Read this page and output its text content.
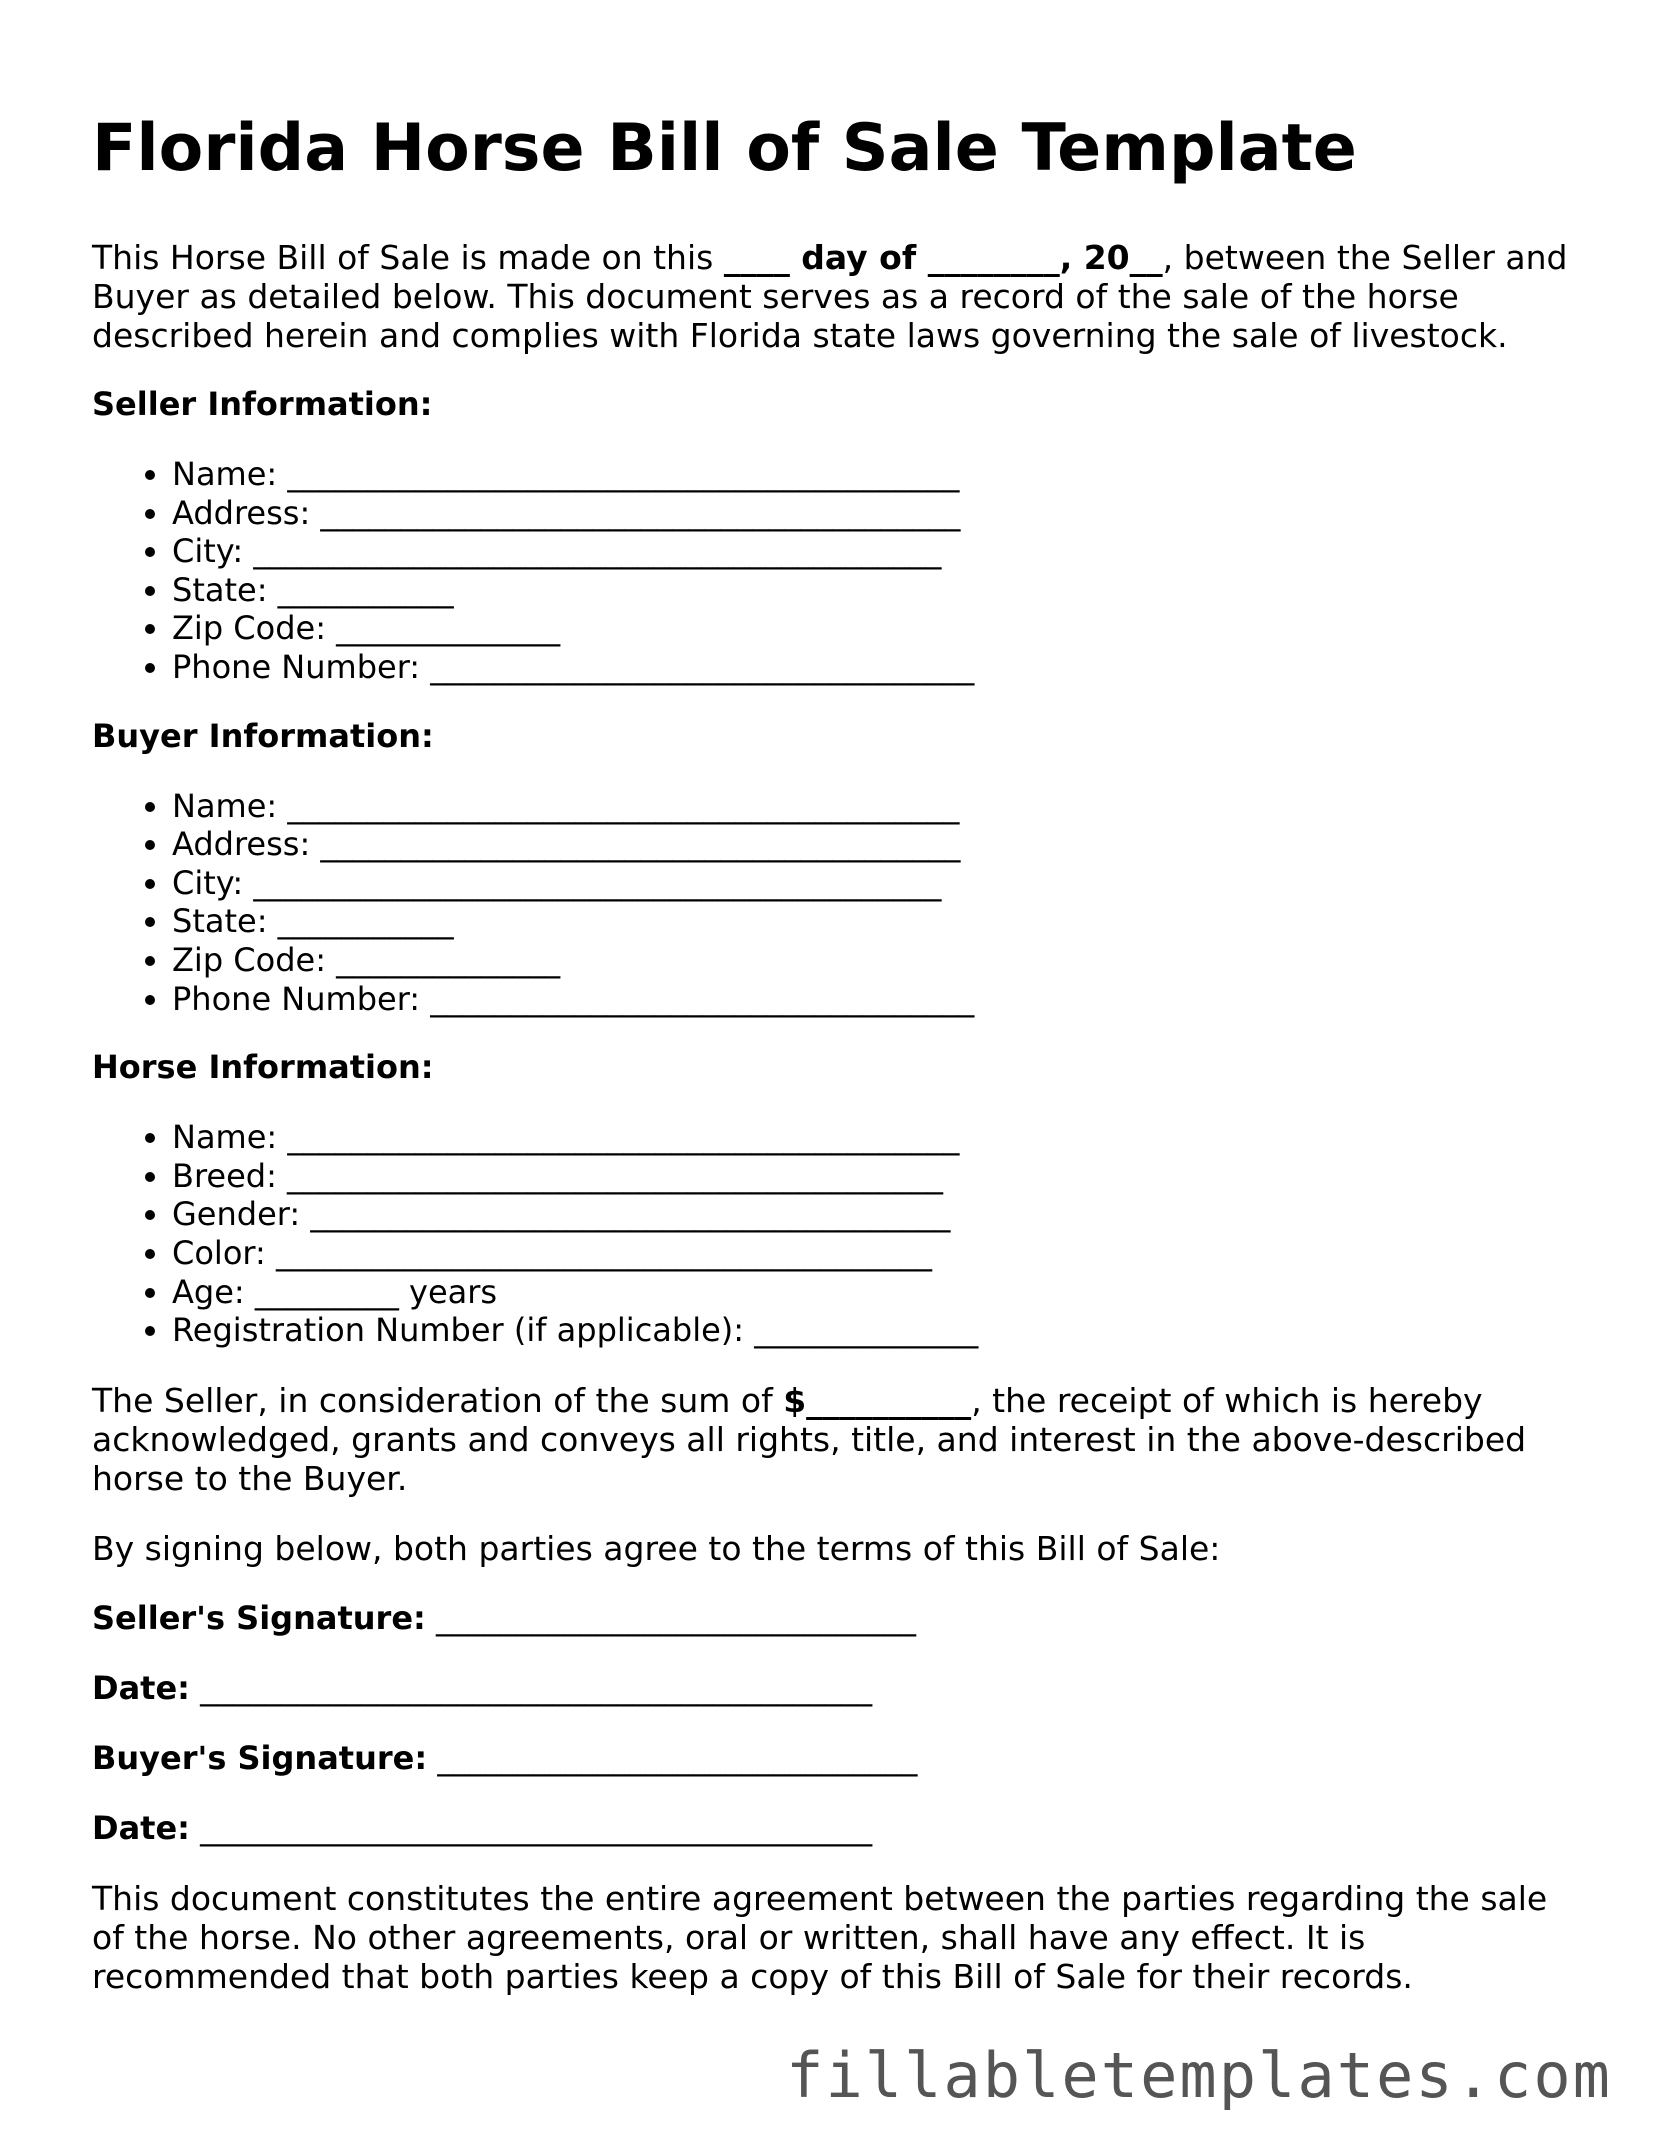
Florida Horse Bill of Sale Template

This Horse Bill of Sale is made on this ____ day of ________, 20__, between the Seller and Buyer as detailed below. This document serves as a record of the sale of the horse described herein and complies with Florida state laws governing the sale of livestock.

Seller Information:

• Name: __________________________________________
• Address: ________________________________________
• City: ___________________________________________
• State: ___________
• Zip Code: ______________
• Phone Number: __________________________________

Buyer Information:

• Name: __________________________________________
• Address: ________________________________________
• City: ___________________________________________
• State: ___________
• Zip Code: ______________
• Phone Number: __________________________________

Horse Information:

• Name: __________________________________________
• Breed: _________________________________________
• Gender: ________________________________________
• Color: _________________________________________
• Age: _________ years
• Registration Number (if applicable): ______________

The Seller, in consideration of the sum of $__________, the receipt of which is hereby acknowledged, grants and conveys all rights, title, and interest in the above-described horse to the Buyer.

By signing below, both parties agree to the terms of this Bill of Sale:

Seller's Signature: ______________________________

Date: __________________________________________

Buyer's Signature: ______________________________

Date: __________________________________________

This document constitutes the entire agreement between the parties regarding the sale of the horse. No other agreements, oral or written, shall have any effect. It is recommended that both parties keep a copy of this Bill of Sale for their records.

fillabletemplates.com
